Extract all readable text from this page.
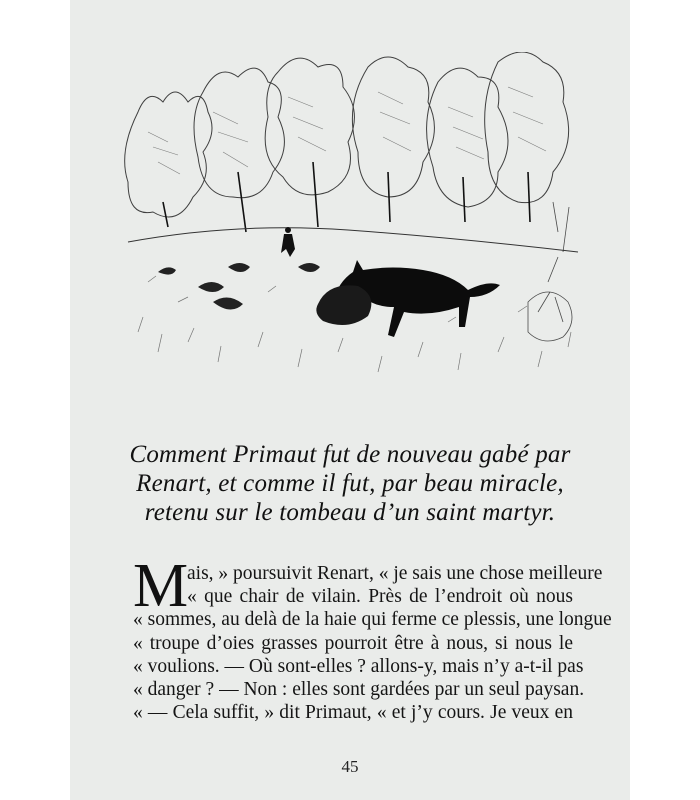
Comment Primaut fut de nouveau gabé par
Renart, et comme il fut, par beau miracle,
retenu sur le tombeau d’un saint martyr.
M
ais, » poursuivit Renart, « je sais une chose meilleure
« que chair de vilain. Près de l’endroit où nous
« sommes, au delà de la haie qui ferme ce plessis, une longue
« troupe d’oies grasses pourroit être à nous, si nous le
« voulions. — Où sont-elles ? allons-y, mais n’y a-t-il pas
« danger ? — Non : elles sont gardées par un seul paysan.
« — Cela suffit, » dit Primaut, « et j’y cours. Je veux en
45
